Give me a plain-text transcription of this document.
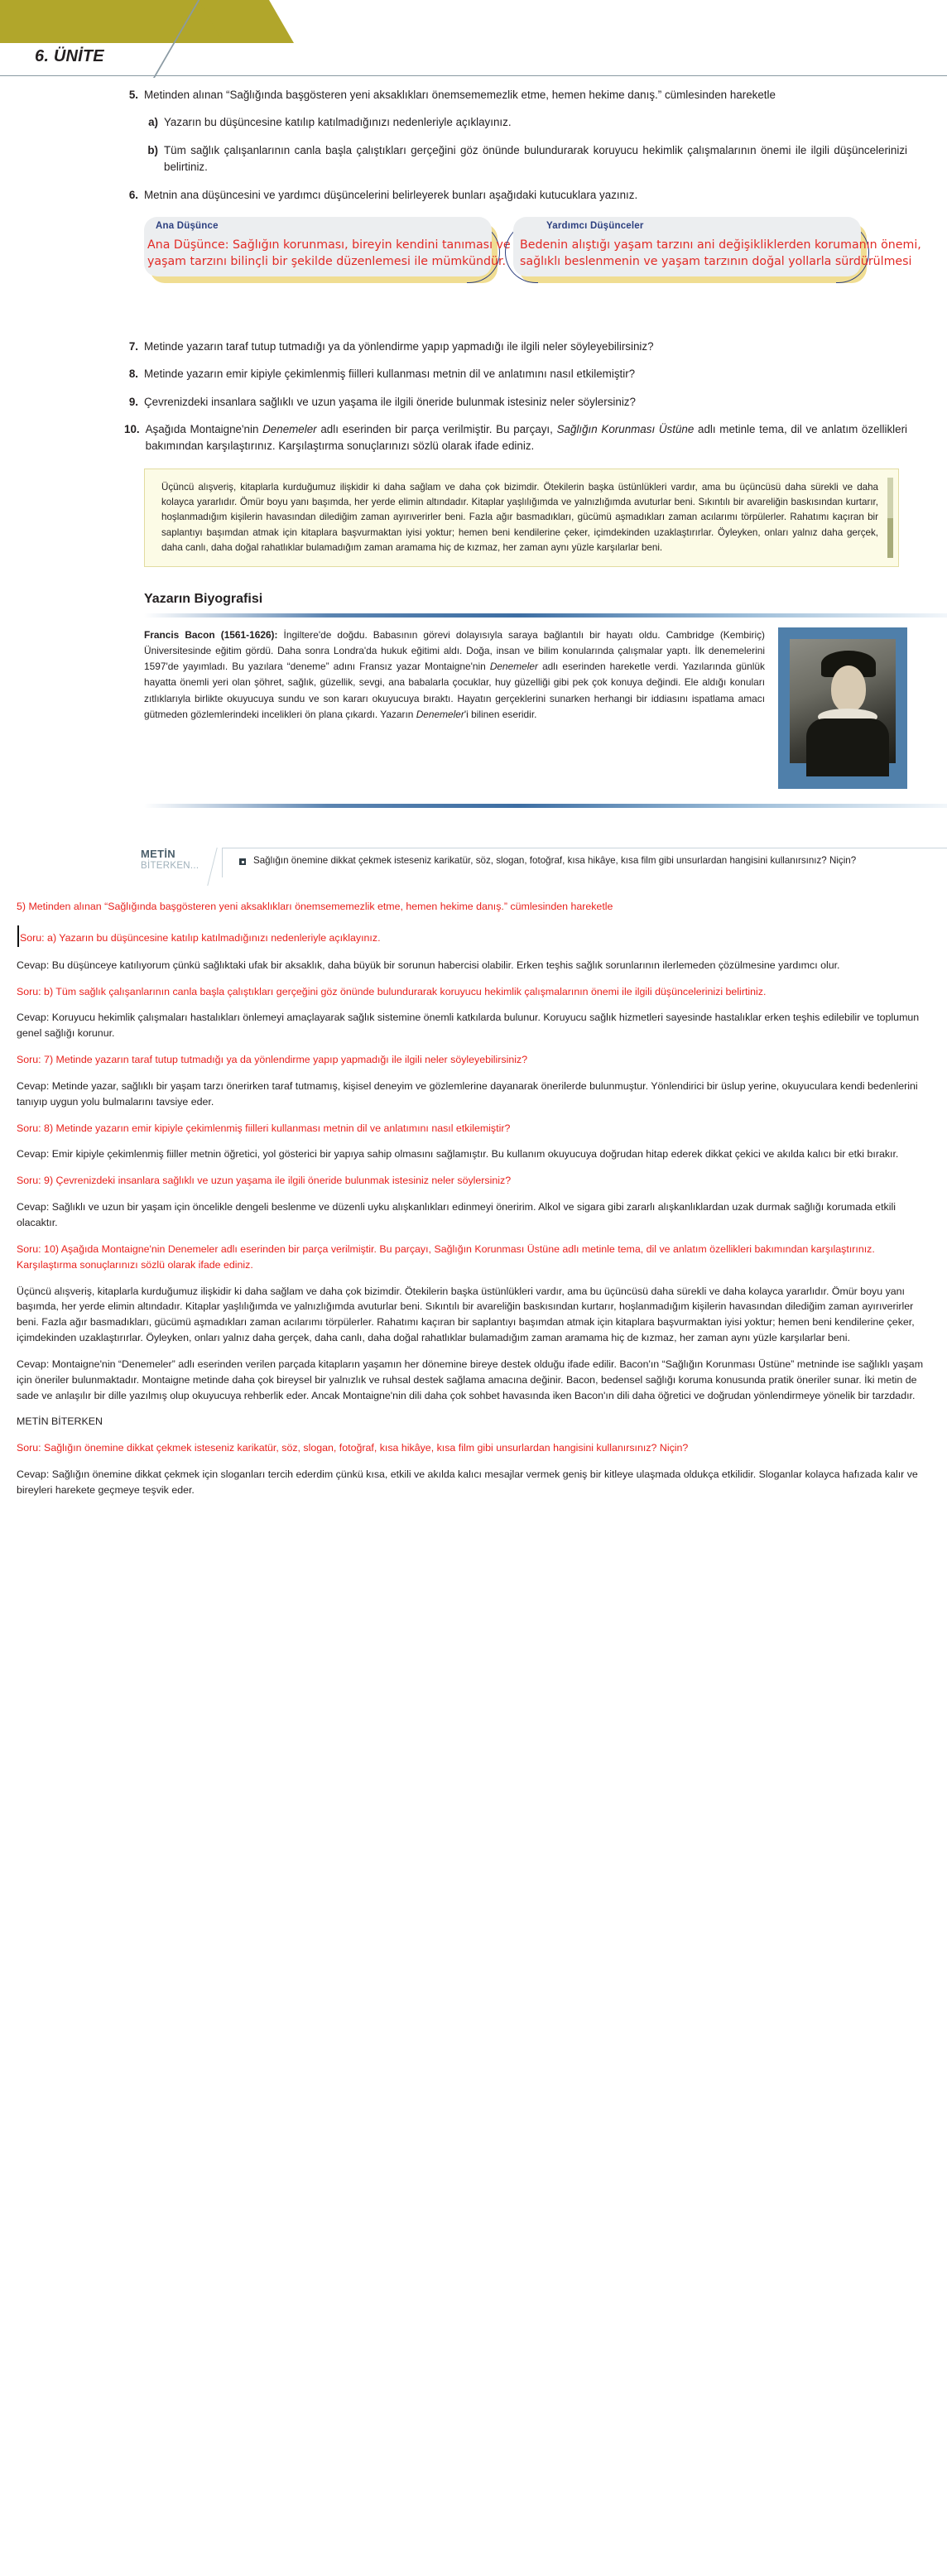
6. ÜNİTE
5. Metinden alınan “Sağlığında başgösteren yeni aksaklıkları önemsememezlik etme, hemen hekime danış.” cümlesinden hareketle
a) Yazarın bu düşüncesine katılıp katılmadığınızı nedenleriyle açıklayınız.
b) Tüm sağlık çalışanlarının canla başla çalıştıkları gerçeğini göz önünde bulundurarak koruyucu hekimlik çalışmalarının önemi ile ilgili düşüncelerinizi belirtiniz.
6. Metnin ana düşüncesini ve yardımcı düşüncelerini belirleyerek bunları aşağıdaki kutucuklara yazınız.
Ana Düşünce
Ana Düşünce: Sağlığın korunması, bireyin kendini tanıması ve yaşam tarzını bilinçli bir şekilde düzenlemesi ile mümkündür.
Yardımcı Düşünceler
Bedenin alıştığı yaşam tarzını ani değişikliklerden korumanın önemi, sağlıklı beslenmenin ve yaşam tarzının doğal yollarla sürdürülmesi
7. Metinde yazarın taraf tutup tutmadığı ya da yönlendirme yapıp yapmadığı ile ilgili neler söyleyebilirsiniz?
8. Metinde yazarın emir kipiyle çekimlenmiş fiilleri kullanması metnin dil ve anlatımını nasıl etkilemiştir?
9. Çevrenizdeki insanlara sağlıklı ve uzun yaşama ile ilgili öneride bulunmak istesiniz neler söylersiniz?
10. Aşağıda Montaigne'nin Denemeler adlı eserinden bir parça verilmiştir. Bu parçayı, Sağlığın Korunması Üstüne adlı metinle tema, dil ve anlatım özellikleri bakımından karşılaştırınız. Karşılaştırma sonuçlarınızı sözlü olarak ifade ediniz.
Üçüncü alışveriş, kitaplarla kurduğumuz ilişkidir ki daha sağlam ve daha çok bizimdir. Ötekilerin başka üstünlükleri vardır, ama bu üçüncüsü daha sürekli ve daha kolayca yararlıdır. Ömür boyu yanı başımda, her yerde elimin altındadır. Kitaplar yaşlılığımda ve yalnızlığımda avuturlar beni. Sıkıntılı bir avareliğin baskısından kurtarır, hoşlanmadığım kişilerin havasından dilediğim zaman ayırıverirler beni. Fazla ağır basmadıkları, gücümü aşmadıkları zaman acılarımı törpülerler. Rahatımı kaçıran bir saplantıyı başımdan atmak için kitaplara başvurmaktan iyisi yoktur; hemen beni kendilerine çeker, içimdekinden uzaklaştırırlar. Öyleyken, onları yalnız daha gerçek, daha canlı, daha doğal rahatlıklar bulamadığım zaman aramama hiç de kızmaz, her zaman aynı yüzle karşılarlar beni.
Yazarın Biyografisi
Francis Bacon (1561-1626): İngiltere'de doğdu. Babasının görevi dolayısıyla saraya bağlantılı bir hayatı oldu. Cambridge (Kembiriç) Üniversitesinde eğitim gördü. Daha sonra Londra'da hukuk eğitimi aldı. Doğa, insan ve bilim konularında çalışmalar yaptı. İlk denemelerini 1597'de yayımladı. Bu yazılara “deneme” adını Fransız yazar Montaigne'nin Denemeler adlı eserinden hareketle verdi. Yazılarında günlük hayatta önemli yeri olan şöhret, sağlık, güzellik, sevgi, ana babalarla çocuklar, huy güzelliği gibi pek çok konuya değindi. Ele aldığı konuları zıtlıklarıyla birlikte okuyucuya sundu ve son kararı okuyucuya bıraktı. Hayatın gerçeklerini sunarken herhangi bir iddiasını ispatlama amacı gütmeden gözlemlerindeki incelikleri ön plana çıkardı. Yazarın Denemeler'i bilinen eseridir.
METİN
BİTERKEN...	Sağlığın önemine dikkat çekmek isteseniz karikatür, söz, slogan, fotoğraf, kısa hikâye, kısa film gibi unsurlardan hangisini kullanırsınız? Niçin?

5) Metinden alınan “Sağlığında başgösteren yeni aksaklıkları önemsememezlik etme, hemen hekime danış.” cümlesinden hareketle

Soru: a) Yazarın bu düşüncesine katılıp katılmadığınızı nedenleriyle açıklayınız.

Cevap: Bu düşünceye katılıyorum çünkü sağlıktaki ufak bir aksaklık, daha büyük bir sorunun habercisi olabilir. Erken teşhis sağlık sorunlarının ilerlemeden çözülmesine yardımcı olur.

Soru: b) Tüm sağlık çalışanlarının canla başla çalıştıkları gerçeğini göz önünde bulundurarak koruyucu hekimlik çalışmalarının önemi ile ilgili düşüncelerinizi belirtiniz.

Cevap: Koruyucu hekimlik çalışmaları hastalıkları önlemeyi amaçlayarak sağlık sistemine önemli katkılarda bulunur. Koruyucu sağlık hizmetleri sayesinde hastalıklar erken teşhis edilebilir ve toplumun genel sağlığı korunur.

Soru: 7) Metinde yazarın taraf tutup tutmadığı ya da yönlendirme yapıp yapmadığı ile ilgili neler söyleyebilirsiniz?

Cevap: Metinde yazar, sağlıklı bir yaşam tarzı önerirken taraf tutmamış, kişisel deneyim ve gözlemlerine dayanarak önerilerde bulunmuştur. Yönlendirici bir üslup yerine, okuyuculara kendi bedenlerini tanıyıp uygun yolu bulmalarını tavsiye eder.

Soru: 8) Metinde yazarın emir kipiyle çekimlenmiş fiilleri kullanması metnin dil ve anlatımını nasıl etkilemiştir?

Cevap: Emir kipiyle çekimlenmiş fiiller metnin öğretici, yol gösterici bir yapıya sahip olmasını sağlamıştır. Bu kullanım okuyucuya doğrudan hitap ederek dikkat çekici ve akılda kalıcı bir etki bırakır.

Soru: 9) Çevrenizdeki insanlara sağlıklı ve uzun yaşama ile ilgili öneride bulunmak istesiniz neler söylersiniz?

Cevap: Sağlıklı ve uzun bir yaşam için öncelikle dengeli beslenme ve düzenli uyku alışkanlıkları edinmeyi öneririm. Alkol ve sigara gibi zararlı alışkanlıklardan uzak durmak sağlığı korumada etkili olacaktır.

Soru: 10) Aşağıda Montaigne'nin Denemeler adlı eserinden bir parça verilmiştir. Bu parçayı, Sağlığın Korunması Üstüne adlı metinle tema, dil ve anlatım özellikleri bakımından karşılaştırınız. Karşılaştırma sonuçlarınızı sözlü olarak ifade ediniz.

Üçüncü alışveriş, kitaplarla kurduğumuz ilişkidir ki daha sağlam ve daha çok bizimdir. Ötekilerin başka üstünlükleri vardır, ama bu üçüncüsü daha sürekli ve daha kolayca yararlıdır. Ömür boyu yanı başımda, her yerde elimin altındadır. Kitaplar yaşlılığımda ve yalnızlığımda avuturlar beni. Sıkıntılı bir avareliğin baskısından kurtarır, hoşlanmadığım kişilerin havasından dilediğim zaman ayırıverirler beni. Fazla ağır basmadıkları, gücümü aşmadıkları zaman acılarımı törpülerler. Rahatımı kaçıran bir saplantıyı başımdan atmak için kitaplara başvurmaktan iyisi yoktur; hemen beni kendilerine çeker, içimdekinden uzaklaştırırlar. Öyleyken, onları yalnız daha gerçek, daha canlı, daha doğal rahatlıklar bulamadığım zaman aramama hiç de kızmaz, her zaman aynı yüzle karşılarlar beni.

Cevap: Montaigne'nin “Denemeler” adlı eserinden verilen parçada kitapların yaşamın her dönemine bireye destek olduğu ifade edilir. Bacon'ın “Sağlığın Korunması Üstüne” metninde ise sağlıklı yaşam için öneriler bulunmaktadır. Montaigne metinde daha çok bireysel bir yalnızlık ve ruhsal destek sağlama amacına değinir. Bacon, bedensel sağlığı koruma konusunda pratik öneriler sunar. İki metin de sade ve anlaşılır bir dille yazılmış olup okuyucuya rehberlik eder. Ancak Montaigne'nin dili daha çok sohbet havasında iken Bacon'ın dili daha öğretici ve doğrudan yönlendirmeye yönelik bir tarzdadır.

METİN BİTERKEN

Soru: Sağlığın önemine dikkat çekmek isteseniz karikatür, söz, slogan, fotoğraf, kısa hikâye, kısa film gibi unsurlardan hangisini kullanırsınız? Niçin?

Cevap: Sağlığın önemine dikkat çekmek için sloganları tercih ederdim çünkü kısa, etkili ve akılda kalıcı mesajlar vermek geniş bir kitleye ulaşmada oldukça etkilidir. Sloganlar kolayca hafızada kalır ve bireyleri harekete geçmeye teşvik eder.
